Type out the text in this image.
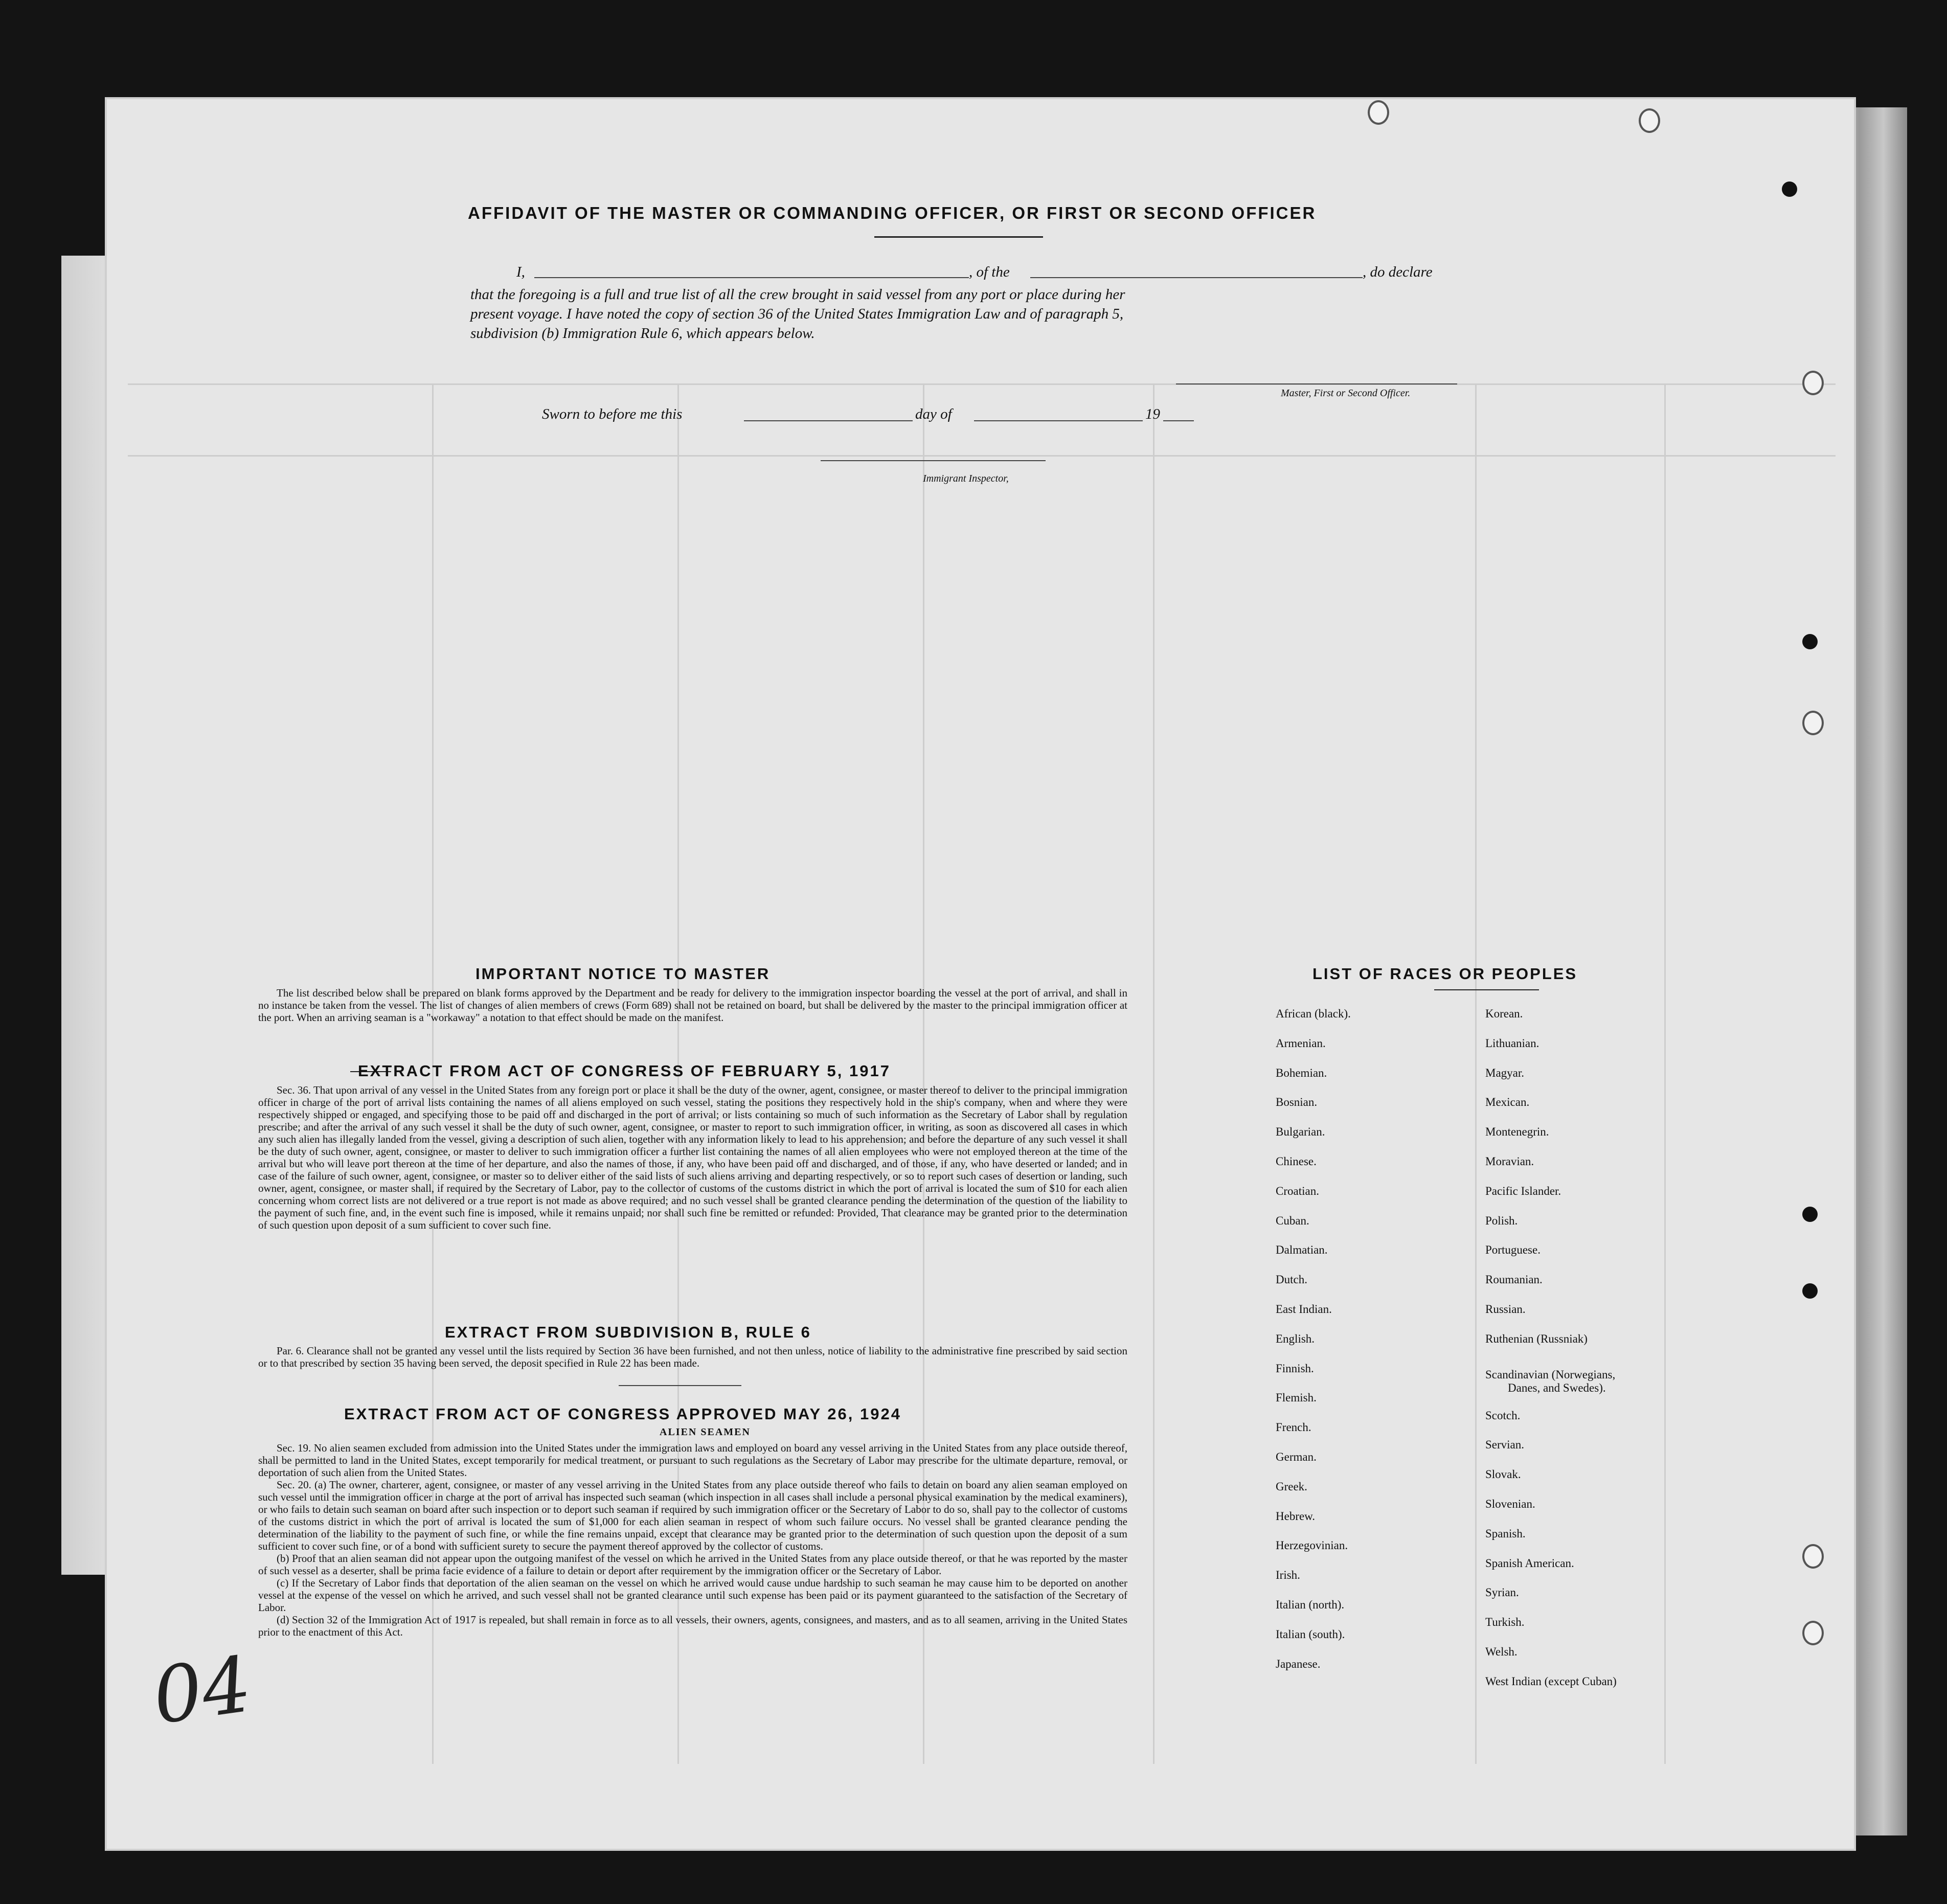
04
AFFIDAVIT OF THE MASTER OR COMMANDING OFFICER, OR FIRST OR SECOND OFFICER
I,	, of the	, do declare
that the foregoing is a full and true list of all the crew brought in said vessel from any port or place during her
present voyage. I have noted the copy of section 36 of the United States Immigration Law and of paragraph 5,
subdivision (b) Immigration Rule 6, which appears below.
Master, First or Second Officer.
Sworn to before me this	day of	19
Immigrant Inspector,
IMPORTANT NOTICE TO MASTER
The list described below shall be prepared on blank forms approved by the Department and be ready for delivery to the immigration inspector boarding the vessel at the port of arrival, and shall in no instance be taken from the vessel. The list of changes of alien members of crews (Form 689) shall not be retained on board, but shall be delivered by the master to the principal immigration officer at the port. When an arriving seaman is a "workaway" a notation to that effect should be made on the manifest.
EXTRACT FROM ACT OF CONGRESS OF FEBRUARY 5, 1917
Sec. 36. That upon arrival of any vessel in the United States from any foreign port or place it shall be the duty of the owner, agent, consignee, or master thereof to deliver to the principal immigration officer in charge of the port of arrival lists containing the names of all aliens employed on such vessel, stating the positions they respectively hold in the ship's company, when and where they were respectively shipped or engaged, and specifying those to be paid off and discharged in the port of arrival; or lists containing so much of such information as the Secretary of Labor shall by regulation prescribe; and after the arrival of any such vessel it shall be the duty of such owner, agent, consignee, or master to report to such immigration officer, in writing, as soon as discovered all cases in which any such alien has illegally landed from the vessel, giving a description of such alien, together with any information likely to lead to his apprehension; and before the departure of any such vessel it shall be the duty of such owner, agent, consignee, or master to deliver to such immigration officer a further list containing the names of all alien employees who were not employed thereon at the time of the arrival but who will leave port thereon at the time of her departure, and also the names of those, if any, who have been paid off and discharged, and of those, if any, who have deserted or landed; and in case of the failure of such owner, agent, consignee, or master so to deliver either of the said lists of such aliens arriving and departing respectively, or so to report such cases of desertion or landing, such owner, agent, consignee, or master shall, if required by the Secretary of Labor, pay to the collector of customs of the customs district in which the port of arrival is located the sum of $10 for each alien concerning whom correct lists are not delivered or a true report is not made as above required; and no such vessel shall be granted clearance pending the determination of the question of the liability to the payment of such fine, and, in the event such fine is imposed, while it remains unpaid; nor shall such fine be remitted or refunded: Provided, That clearance may be granted prior to the determination of such question upon deposit of a sum sufficient to cover such fine.
EXTRACT FROM SUBDIVISION B, RULE 6
Par. 6. Clearance shall not be granted any vessel until the lists required by Section 36 have been furnished, and not then unless, notice of liability to the administrative fine prescribed by said section or to that prescribed by section 35 having been served, the deposit specified in Rule 22 has been made.
EXTRACT FROM ACT OF CONGRESS APPROVED MAY 26, 1924
ALIEN SEAMEN
Sec. 19. No alien seamen excluded from admission into the United States under the immigration laws and employed on board any vessel arriving in the United States from any place outside thereof, shall be permitted to land in the United States, except temporarily for medical treatment, or pursuant to such regulations as the Secretary of Labor may prescribe for the ultimate departure, removal, or deportation of such alien from the United States.
Sec. 20. (a) The owner, charterer, agent, consignee, or master of any vessel arriving in the United States from any place outside thereof who fails to detain on board any alien seaman employed on such vessel until the immigration officer in charge at the port of arrival has inspected such seaman (which inspection in all cases shall include a personal physical examination by the medical examiners), or who fails to detain such seaman on board after such inspection or to deport such seaman if required by such immigration officer or the Secretary of Labor to do so, shall pay to the collector of customs of the customs district in which the port of arrival is located the sum of $1,000 for each alien seaman in respect of whom such failure occurs. No vessel shall be granted clearance pending the determination of the liability to the payment of such fine, or while the fine remains unpaid, except that clearance may be granted prior to the determination of such question upon the deposit of a sum sufficient to cover such fine, or of a bond with sufficient surety to secure the payment thereof approved by the collector of customs.
(b) Proof that an alien seaman did not appear upon the outgoing manifest of the vessel on which he arrived in the United States from any place outside thereof, or that he was reported by the master of such vessel as a deserter, shall be prima facie evidence of a failure to detain or deport after requirement by the immigration officer or the Secretary of Labor.
(c) If the Secretary of Labor finds that deportation of the alien seaman on the vessel on which he arrived would cause undue hardship to such seaman he may cause him to be deported on another vessel at the expense of the vessel on which he arrived, and such vessel shall not be granted clearance until such expense has been paid or its payment guaranteed to the satisfaction of the Secretary of Labor.
(d) Section 32 of the Immigration Act of 1917 is repealed, but shall remain in force as to all vessels, their owners, agents, consignees, and masters, and as to all seamen, arriving in the United States prior to the enactment of this Act.
LIST OF RACES OR PEOPLES
African (black).
Armenian.
Bohemian.
Bosnian.
Bulgarian.
Chinese.
Croatian.
Cuban.
Dalmatian.
Dutch.
East Indian.
English.
Finnish.
Flemish.
French.
German.
Greek.
Hebrew.
Herzegovinian.
Irish.
Italian (north).
Italian (south).
Japanese.
Korean.
Lithuanian.
Magyar.
Mexican.
Montenegrin.
Moravian.
Pacific Islander.
Polish.
Portuguese.
Roumanian.
Russian.
Ruthenian (Russniak)
Scandinavian (Norwegians,
Danes, and Swedes).
Scotch.
Servian.
Slovak.
Slovenian.
Spanish.
Spanish American.
Syrian.
Turkish.
Welsh.
West Indian (except Cuban)
